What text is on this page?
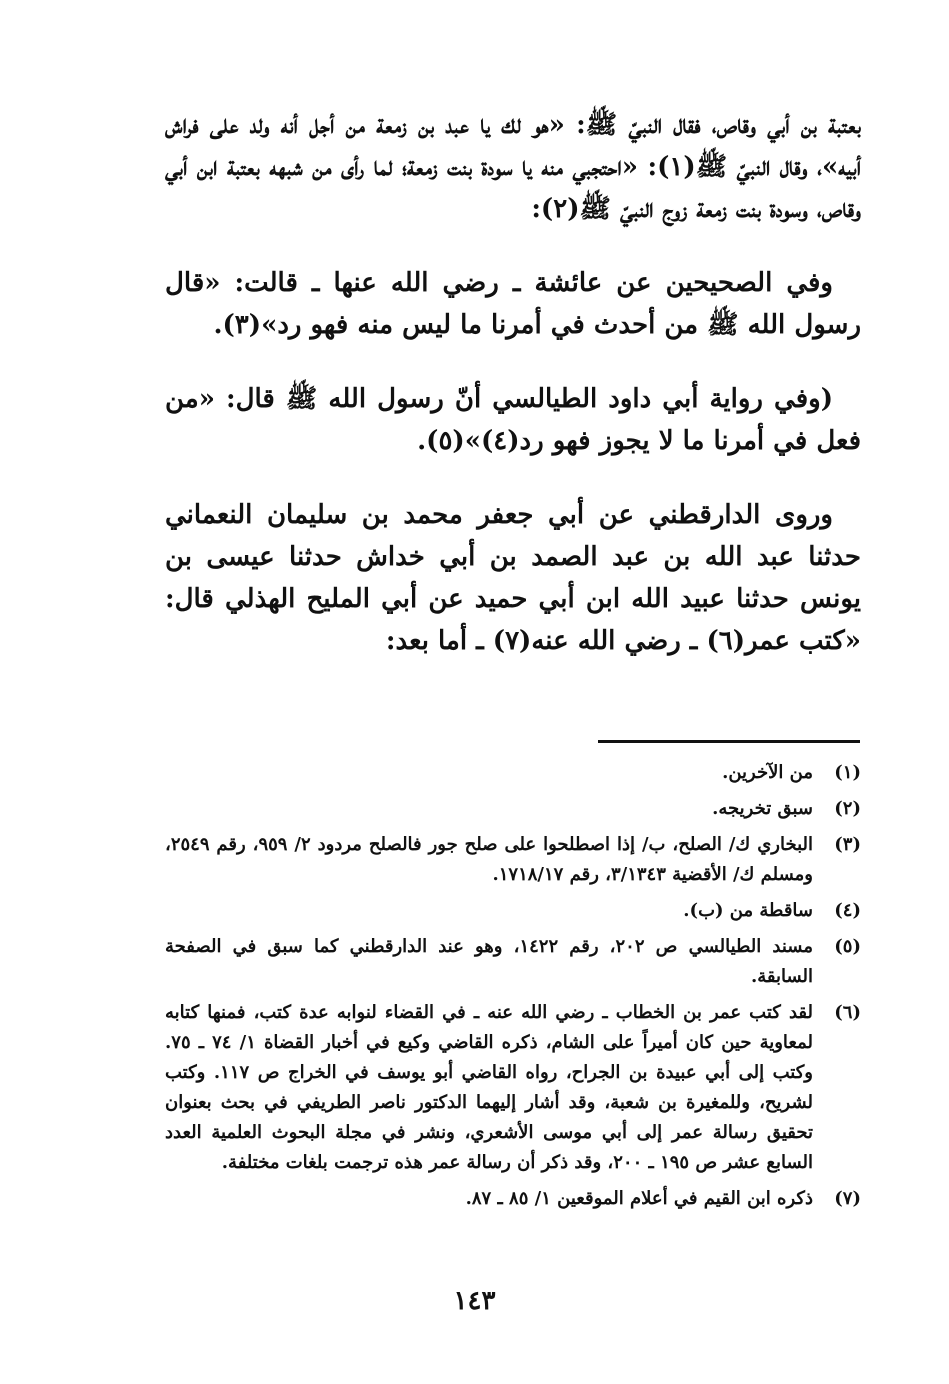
بعتبة بن أبي وقاص، فقال النبيّ ﷺ: «هو لك يا عبد بن زمعة من أجل أنه ولد على فراش أبيه»، وقال النبيّ ﷺ(١): «احتجبي منه يا سودة بنت زمعة؛ لما رأى من شبهه بعتبة ابن أبي وقاص، وسودة بنت زمعة زوج النبيّ ﷺ(٢):

وفي الصحيحين عن عائشة ـ رضي الله عنها ـ قالت: «قال رسول الله ﷺ من أحدث في أمرنا ما ليس منه فهو رد»(٣).

(وفي رواية أبي داود الطيالسي أنّ رسول الله ﷺ قال: «من فعل في أمرنا ما لا يجوز فهو رد(٤)»(٥).

وروى الدارقطني عن أبي جعفر محمد بن سليمان النعماني حدثنا عبد الله بن عبد الصمد بن أبي خداش حدثنا عيسى بن يونس حدثنا عبيد الله ابن أبي حميد عن أبي المليح الهذلي قال: «كتب عمر(٦) ـ رضي الله عنه(٧) ـ أما بعد:

(١)
من الآخرين.
(٢)
سبق تخريجه.
(٣)
البخاري ك/ الصلح، ب/ إذا اصطلحوا على صلح جور فالصلح مردود ٢/ ٩٥٩، رقم ٢٥٤٩، ومسلم ك/ الأقضية ٣/١٣٤٣، رقم ١٧١٨/١٧.
(٤)
ساقطة من (ب).
(٥)
مسند الطيالسي ص ٢٠٢، رقم ١٤٢٢، وهو عند الدارقطني كما سبق في الصفحة السابقة.
(٦)
لقد كتب عمر بن الخطاب ـ رضي الله عنه ـ في القضاء لنوابه عدة كتب، فمنها كتابه لمعاوية حين كان أميراً على الشام، ذكره القاضي وكيع في أخبار القضاة ١/ ٧٤ ـ ٧٥. وكتب إلى أبي عبيدة بن الجراح، رواه القاضي أبو يوسف في الخراج ص ١١٧. وكتب لشريح، وللمغيرة بن شعبة، وقد أشار إليهما الدكتور ناصر الطريفي في بحث بعنوان تحقيق رسالة عمر إلى أبي موسى الأشعري، ونشر في مجلة البحوث العلمية العدد السابع عشر ص ١٩٥ ـ ٢٠٠، وقد ذكر أن رسالة عمر هذه ترجمت بلغات مختلفة.
(٧)
ذكره ابن القيم في أعلام الموقعين ١/ ٨٥ ـ ٨٧.
١٤٣
